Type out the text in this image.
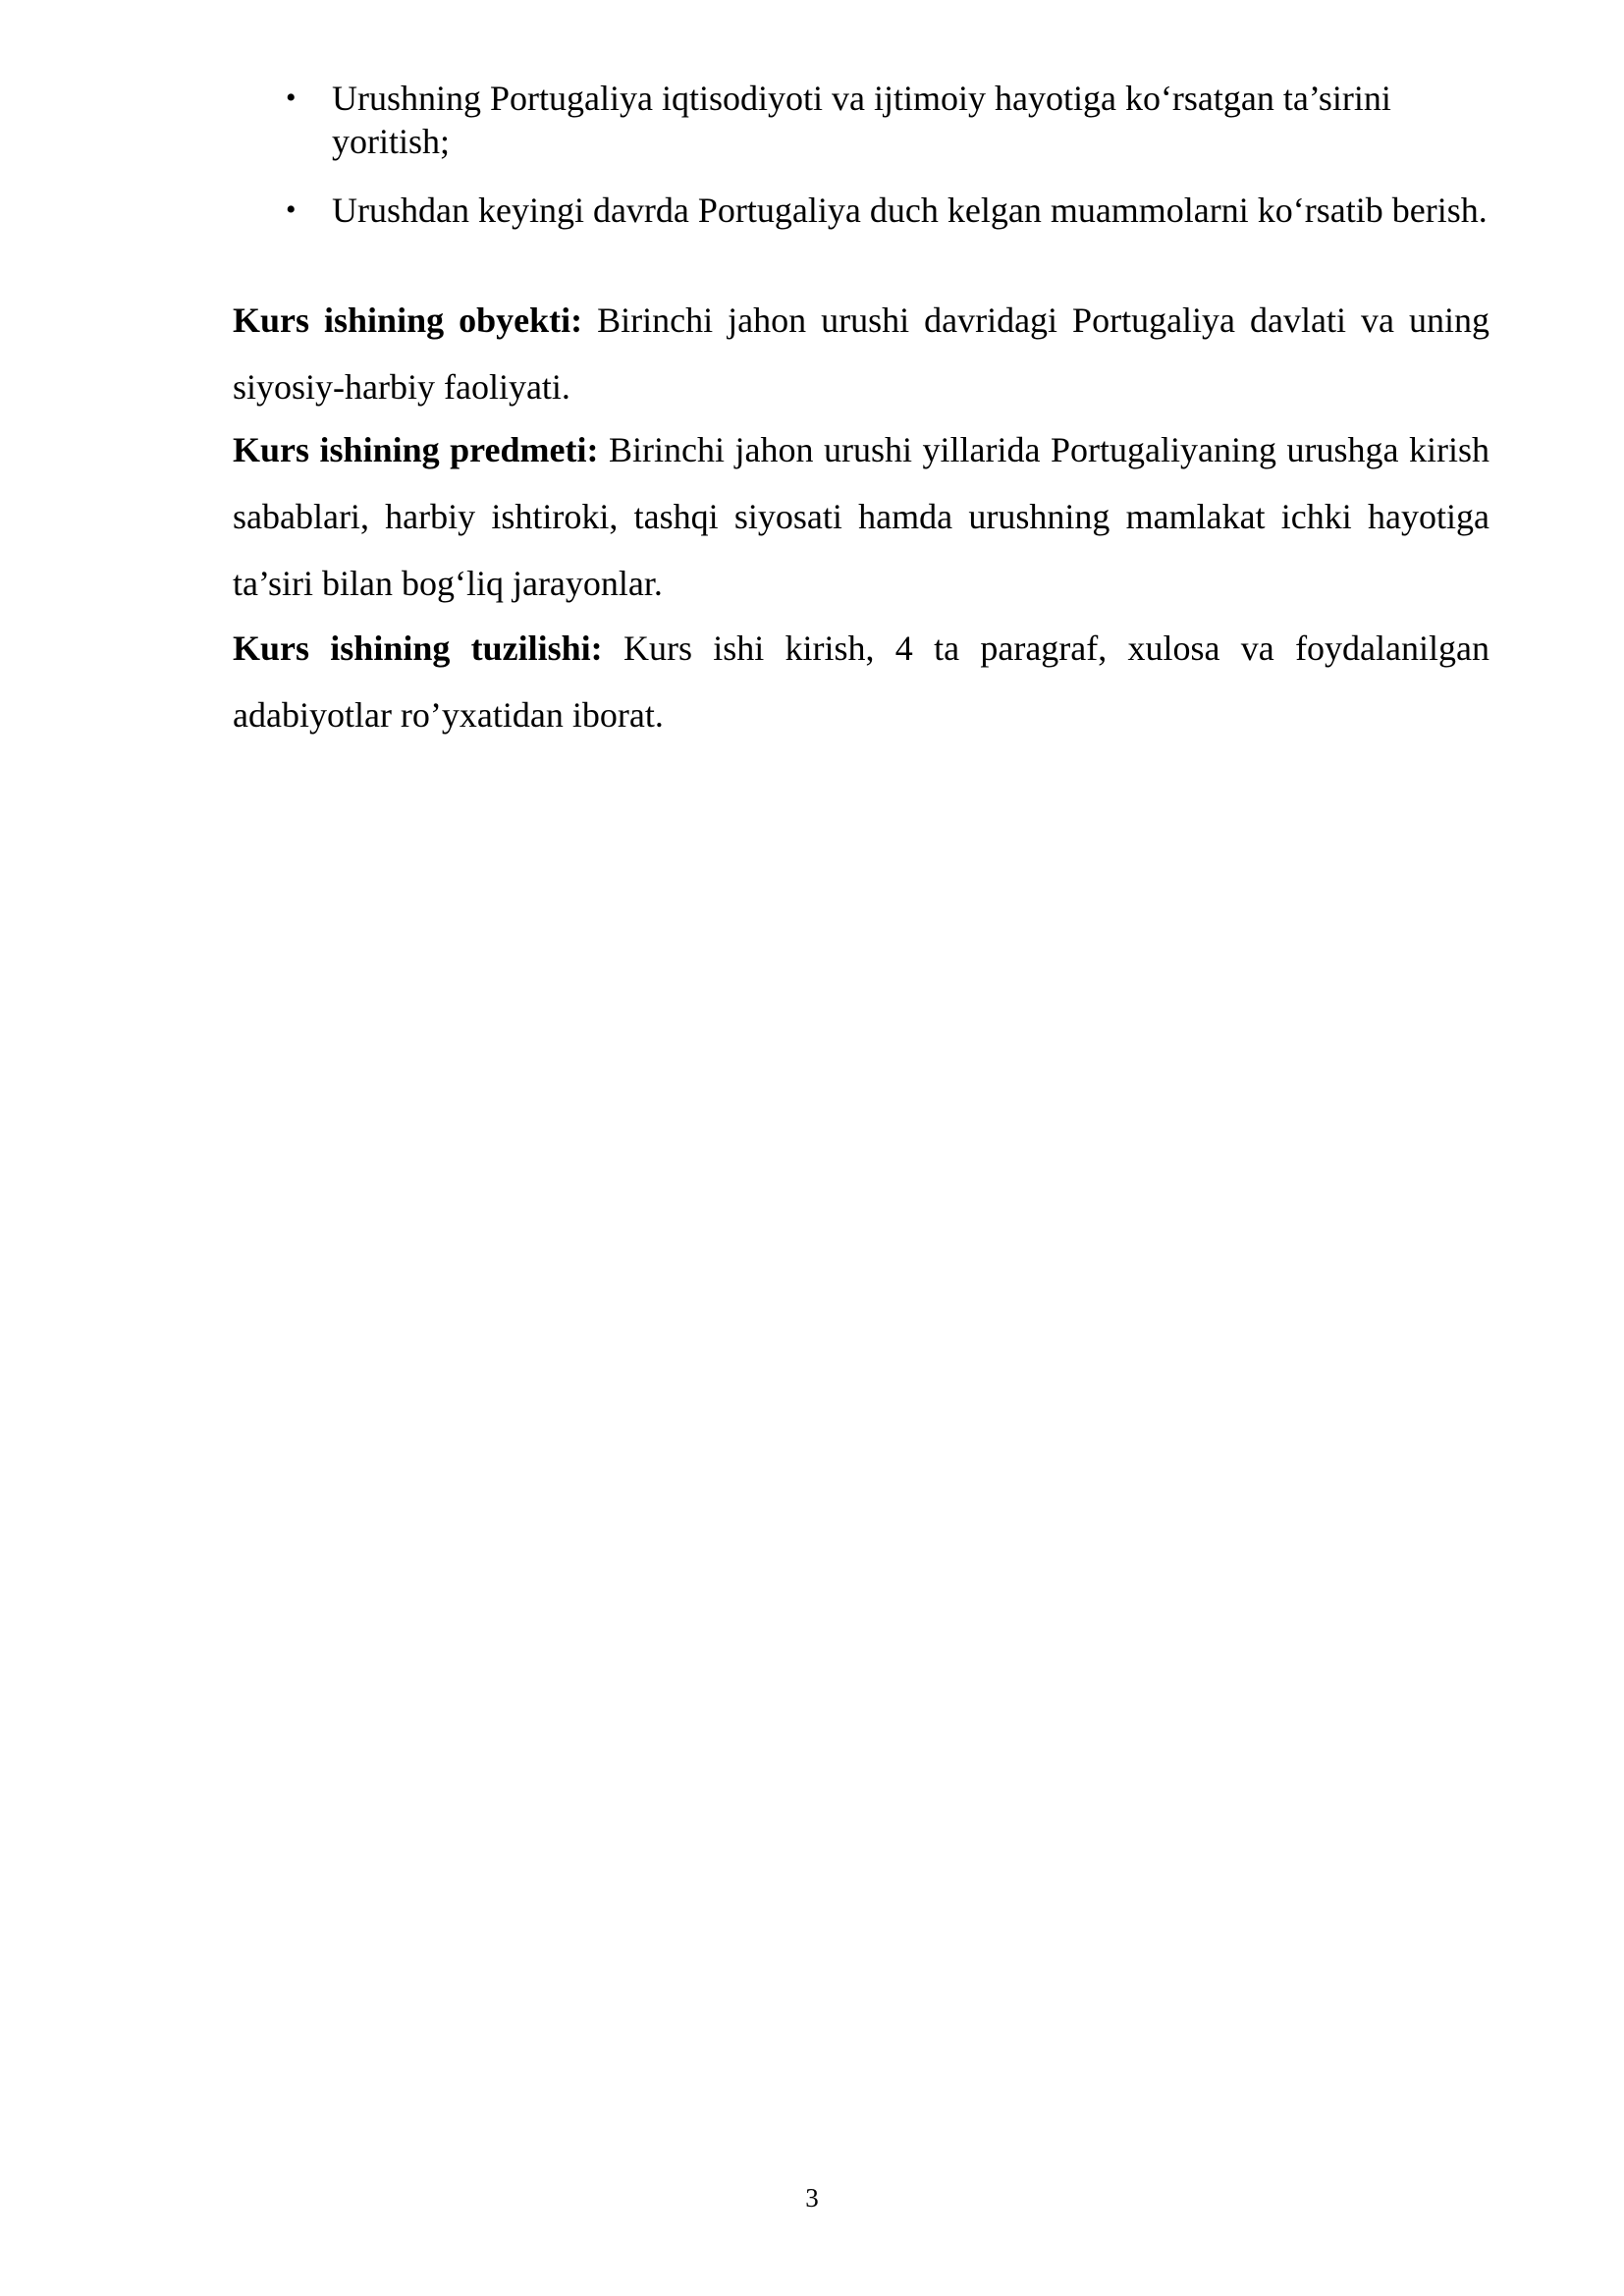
• Urushning Portugaliya iqtisodiyoti va ijtimoiy hayotiga ko‘rsatgan ta’sirini yoritish;
• Urushdan keyingi davrda Portugaliya duch kelgan muammolarni ko‘rsatib berish.

Kurs ishining obyekti: Birinchi jahon urushi davridagi Portugaliya davlati va uning siyosiy-harbiy faoliyati.

Kurs ishining predmeti: Birinchi jahon urushi yillarida Portugaliyaning urushga kirish sabablari, harbiy ishtiroki, tashqi siyosati hamda urushning mamlakat ichki hayotiga ta’siri bilan bog‘liq jarayonlar.

Kurs ishining tuzilishi: Kurs ishi kirish, 4 ta paragraf, xulosa va foydalanilgan adabiyotlar ro’yxatidan iborat.

3
